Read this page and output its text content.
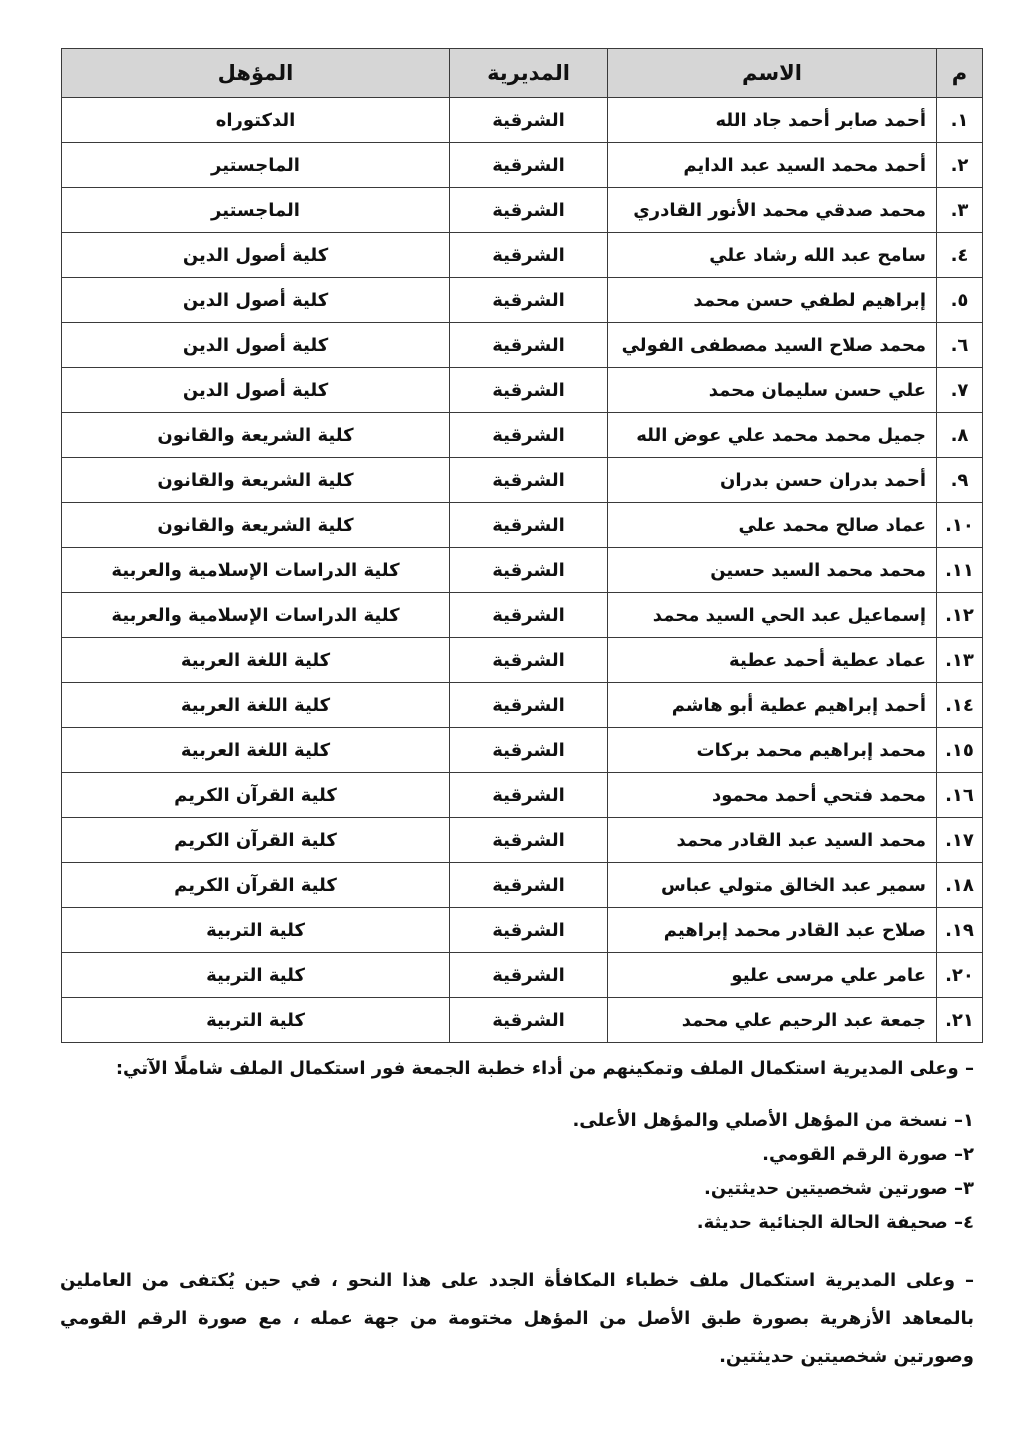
م	الاسم	المديرية	المؤهل
١.	أحمد صابر أحمد جاد الله	الشرقية	الدكتوراه
٢.	أحمد محمد السيد عبد الدايم	الشرقية	الماجستير
٣.	محمد صدقي محمد الأنور القادري	الشرقية	الماجستير
٤.	سامح عبد الله رشاد علي	الشرقية	كلية أصول الدين
٥.	إبراهيم لطفي حسن محمد	الشرقية	كلية أصول الدين
٦.	محمد صلاح السيد مصطفى الفولي	الشرقية	كلية أصول الدين
٧.	علي حسن سليمان محمد	الشرقية	كلية أصول الدين
٨.	جميل محمد محمد علي عوض الله	الشرقية	كلية الشريعة والقانون
٩.	أحمد بدران حسن بدران	الشرقية	كلية الشريعة والقانون
١٠.	عماد صالح محمد علي	الشرقية	كلية الشريعة والقانون
١١.	محمد محمد السيد حسين	الشرقية	كلية الدراسات الإسلامية والعربية
١٢.	إسماعيل عبد الحي السيد محمد	الشرقية	كلية الدراسات الإسلامية والعربية
١٣.	عماد عطية أحمد عطية	الشرقية	كلية اللغة العربية
١٤.	أحمد إبراهيم عطية أبو هاشم	الشرقية	كلية اللغة العربية
١٥.	محمد إبراهيم محمد بركات	الشرقية	كلية اللغة العربية
١٦.	محمد فتحي أحمد محمود	الشرقية	كلية القرآن الكريم
١٧.	محمد السيد عبد القادر محمد	الشرقية	كلية القرآن الكريم
١٨.	سمير عبد الخالق متولي عباس	الشرقية	كلية القرآن الكريم
١٩.	صلاح عبد القادر محمد إبراهيم	الشرقية	كلية التربية
٢٠.	عامر علي مرسى عليو	الشرقية	كلية التربية
٢١.	جمعة عبد الرحيم علي محمد	الشرقية	كلية التربية

– وعلى المديرية استكمال الملف وتمكينهم من أداء خطبة الجمعة فور استكمال الملف شاملًا الآتي:

١– نسخة من المؤهل الأصلي والمؤهل الأعلى.
٢– صورة الرقم القومي.
٣– صورتين شخصيتين حديثتين.
٤– صحيفة الحالة الجنائية حديثة.

– وعلى المديرية استكمال ملف خطباء المكافأة الجدد على هذا النحو ، في حين يُكتفى من العاملين بالمعاهد الأزهرية بصورة طبق الأصل من المؤهل مختومة من جهة عمله ، مع صورة الرقم القومي وصورتين شخصيتين حديثتين.
